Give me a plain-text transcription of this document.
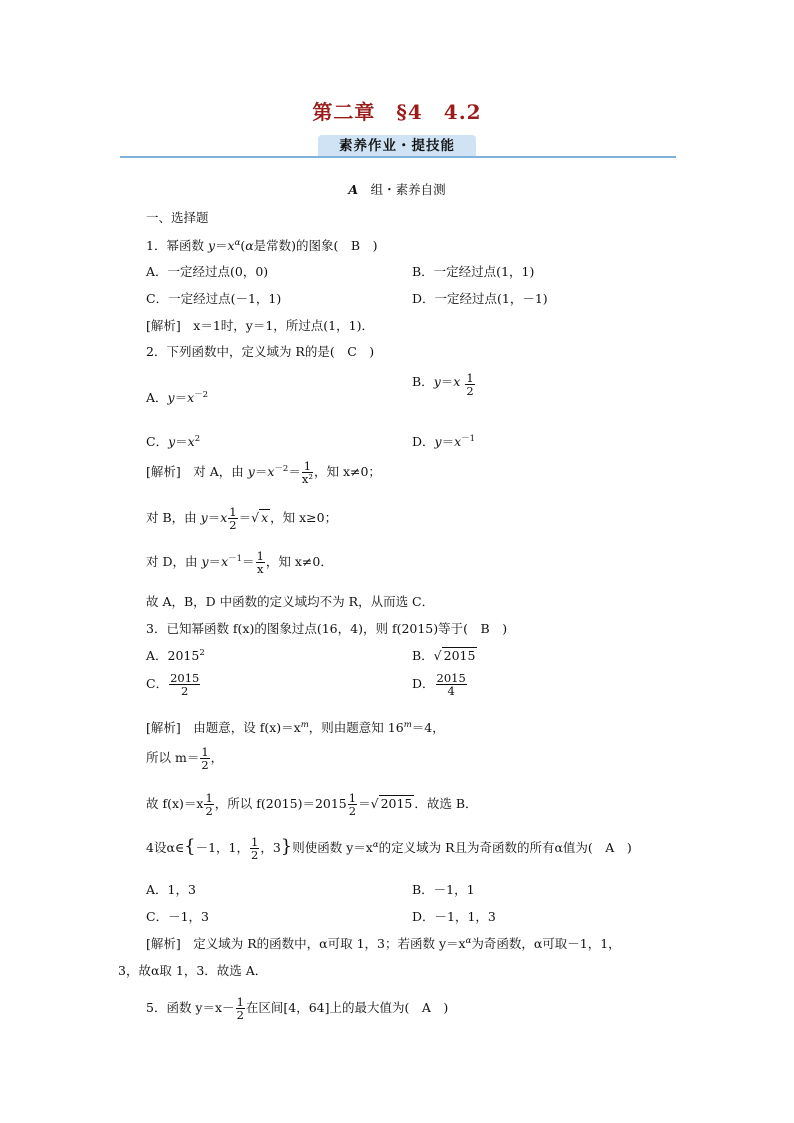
第二章　§4　4.2
素养作业・提技能
A　 组・素养自测
一、选择题
1．幂函数 $y=x^\alpha(\alpha$是常数)的图象(　B　)
A．一定经过点(0，0)	B．一定经过点(1，1)
C．一定经过点(－1，1)	D．一定经过点(1，－1)
[解析]　 x＝1时，y＝1，所过点(1，1)．
2．下列函数中，定义域为 R的是(　C　)
A．$y=x^{-2}$
B．$y=x \frac{1}{2}$
C．$y=x^2$	D．$y=x^{-1}$
[解析]　 对 A，由 $y=x^{-2}= \frac{1}{\text{x²}}$ ，知 x≠0；
对 B，由 $y=x \frac{1}{2}$ ＝√ x ，知 x≥0；
对 D，由 $y=x^{-1}= \frac{1}{x}$ ，知 x≠0．
故 A，B，D 中函数的定义域均不为 R，从而选 C．
3．已知幂函数 f(x)的图象过点(16，4)，则 f(2015)等于(　B　)
A．2015$^2$	B．√ 2015
C． $\frac{2015}{2}$	D． $\frac{2015}{4}$
[解析]　 由题意，设 $f(x)=x^m$，则由题意知 $16^m=4$，
所以 $m= \frac{1}{2}$ ，
故 $f(x)=x \frac{1}{2}$ ，所以 $f(2015)=2015 \frac{1}{2}$ ＝√ 2015 ．故选 B．
4设α∈{－1，1， $\frac{1}{2}$ ，3}则使函数 $y=x^\alpha$的定义域为 R且为奇函数的所有α值为(　A　)
A．1，3	B．－1，1
C．－1，3	D．－1，1，3
[解析]　 定义域为 R的函数中，α可取 1，3；若函数 $y=x^\alpha$为奇函数，α可取－1，1，
3，故α取 1，3．故选 A．
5．函数 $y=x- \frac{1}{2}$ 在区间[4，64]上的最大值为(　A　)
